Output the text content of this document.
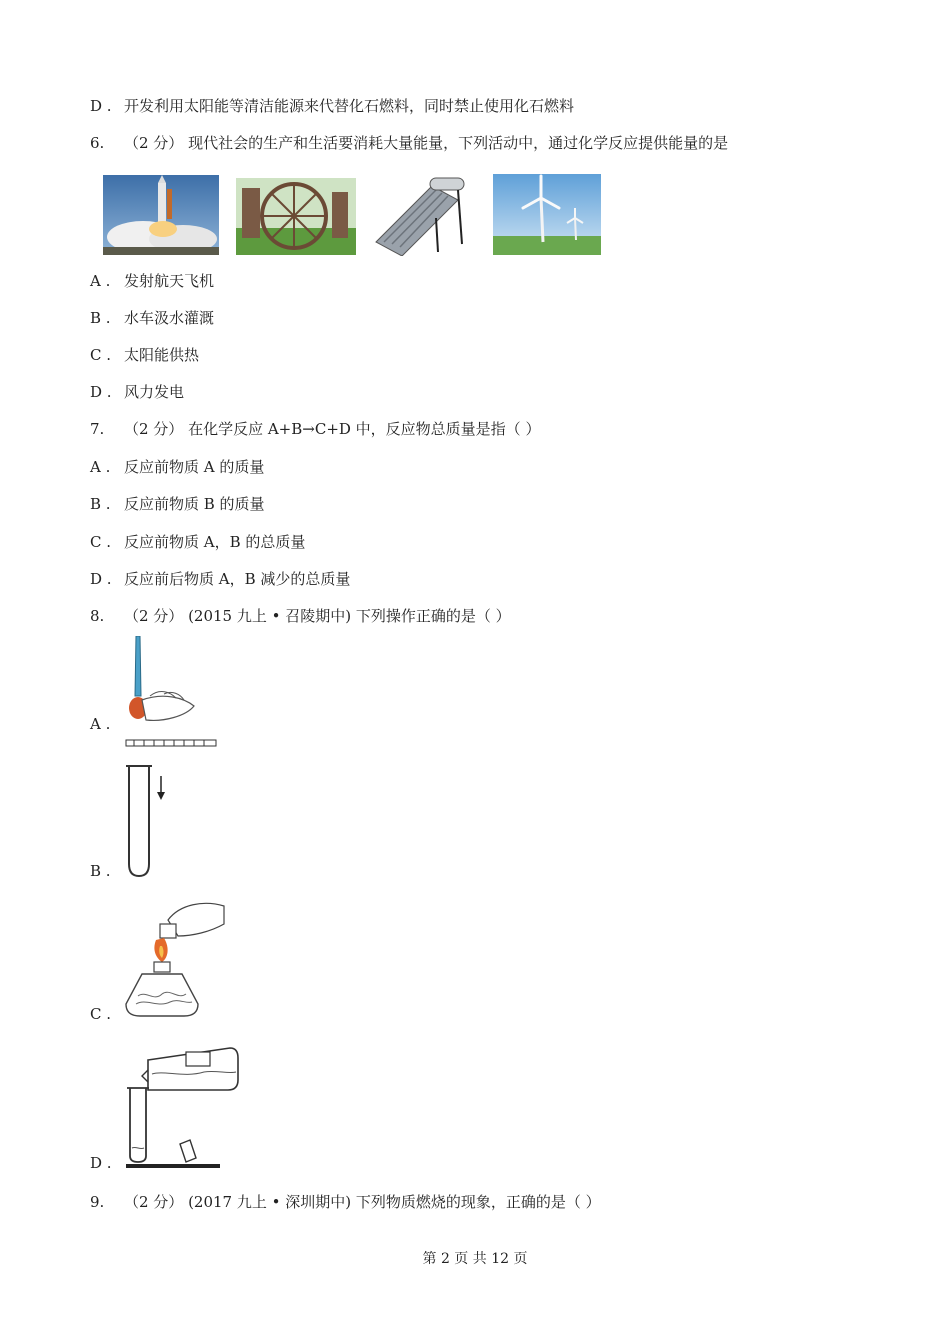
D . 开发利用太阳能等清洁能源来代替化石燃料，同时禁止使用化石燃料
6. （2 分） 现代社会的生产和生活要消耗大量能量，下列活动中，通过化学反应提供能量的是
A . 发射航天飞机
B . 水车汲水灌溉
C . 太阳能供热
D . 风力发电
7. （2 分） 在化学反应 A+B→C+D 中，反应物总质量是指（ ）
A . 反应前物质 A 的质量
B . 反应前物质 B 的质量
C . 反应前物质 A，B 的总质量
D . 反应前后物质 A，B 减少的总质量
8. （2 分） (2015 九上 • 召陵期中) 下列操作正确的是（ ）
A .
B .
C .
D .
9. （2 分） (2017 九上 • 深圳期中) 下列物质燃烧的现象，正确的是（ ）
第 2 页 共 12 页
